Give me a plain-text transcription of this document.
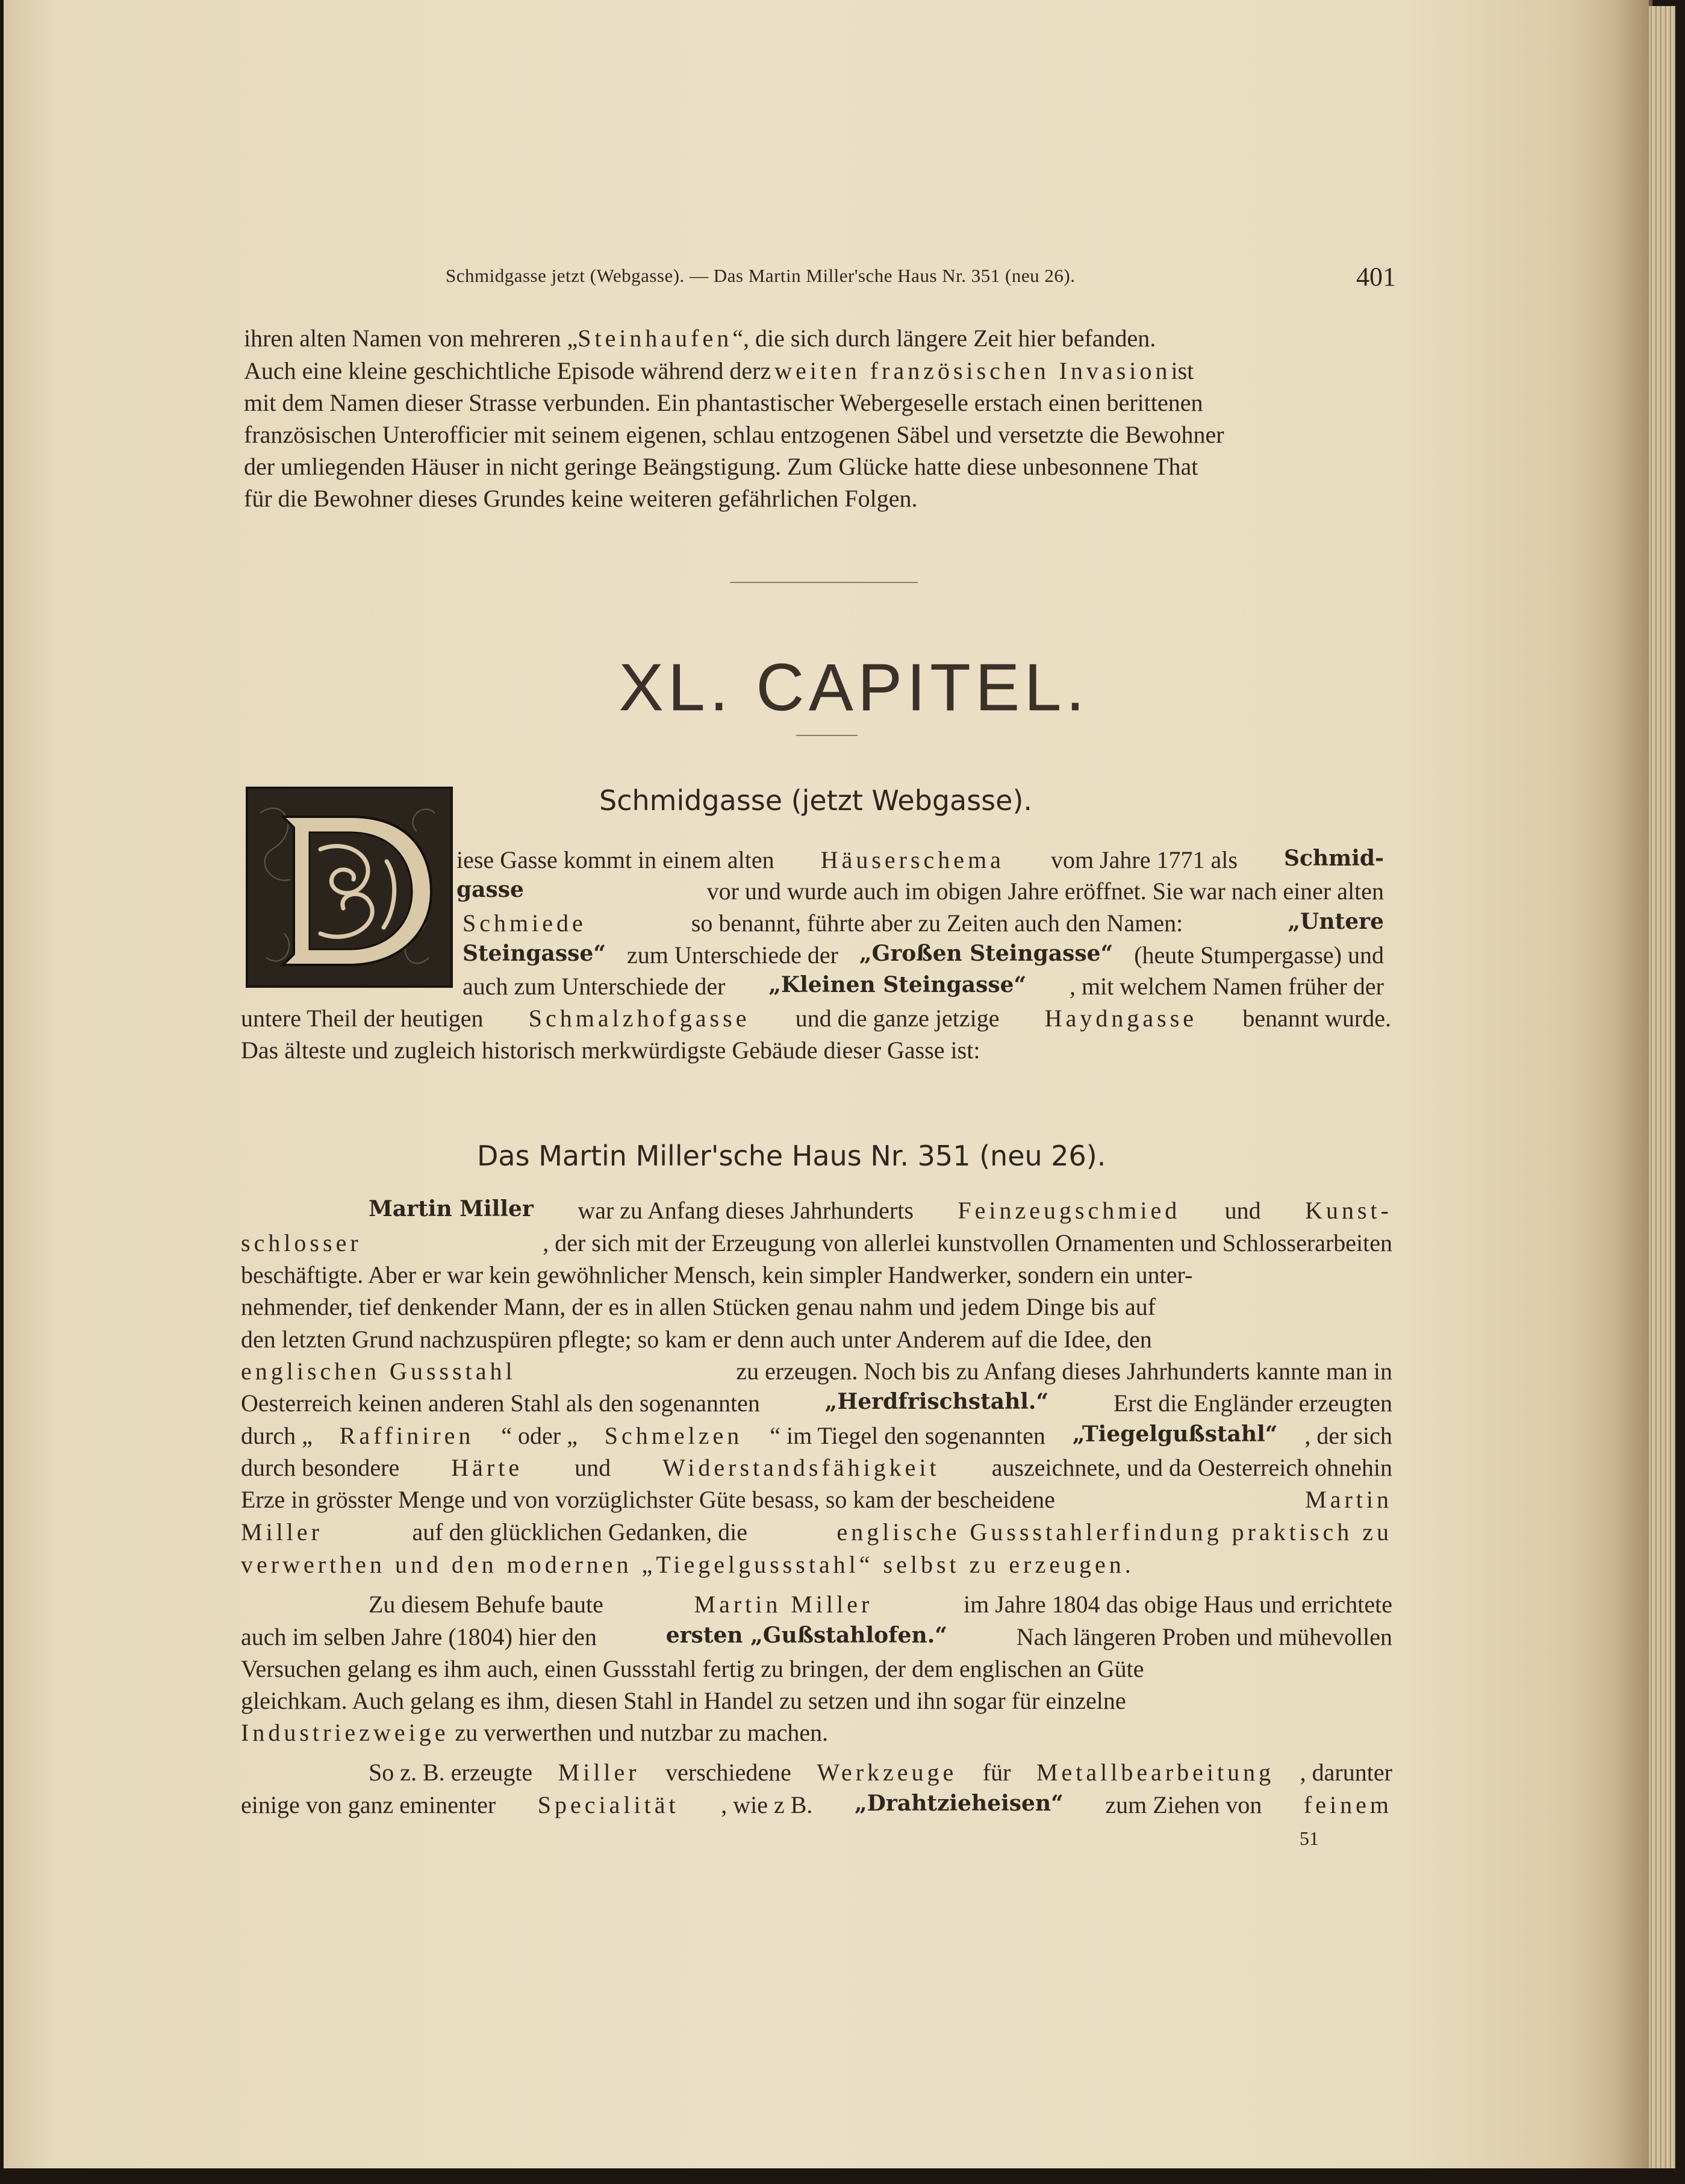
Schmidgasse jetzt (Webgasse). — Das Martin Miller'sche Haus Nr. 351 (neu 26).	401
ihren alten Namen von mehreren „Steinhaufen“, die sich durch längere Zeit hier befanden.
Auch eine kleine geschichtliche Episode während derzweiten französischen Invasionist
mit dem Namen dieser Strasse verbunden. Ein phantastischer Webergeselle erstach einen berittenen
französischen Unterofficier mit seinem eigenen, schlau entzogenen Säbel und versetzte die Bewohner
der umliegenden Häuser in nicht geringe Beängstigung. Zum Glücke hatte diese unbesonnene That
für die Bewohner dieses Grundes keine weiteren gefährlichen Folgen.
XL. CAPITEL.
Schmidgasse (jetzt Webgasse).
D
iese Gasse kommt in einem alten Häuserschema vom Jahre 1771 als Schmid-
gasse	vor und wurde auch im obigen Jahre eröffnet. Sie war nach einer alten
Schmiede	so benannt, führte aber zu Zeiten auch den Namen:	„Untere
Steingasse“ zum Unterschiede der „Großen Steingasse“ (heute Stumpergasse) und
auch zum Unterschiede der „Kleinen Steingasse“ , mit welchem Namen früher der
untere Theil der heutigen Schmalzhofgasse und die ganze jetzige Haydngasse benannt wurde.
Das älteste und zugleich historisch merkwürdigste Gebäude dieser Gasse ist:
Das Martin Miller'sche Haus Nr. 351 (neu 26).
Martin Miller war zu Anfang dieses Jahrhunderts Feinzeugschmied und Kunst-
schlosser	, der sich mit der Erzeugung von allerlei kunstvollen Ornamenten und Schlosserarbeiten
beschäftigte. Aber er war kein gewöhnlicher Mensch, kein simpler Handwerker, sondern ein unter-
nehmender, tief denkender Mann, der es in allen Stücken genau nahm und jedem Dinge bis auf
den letzten Grund nachzuspüren pflegte; so kam er denn auch unter Anderem auf die Idee, den
englischen Gussstahl	zu erzeugen. Noch bis zu Anfang dieses Jahrhunderts kannte man in
Oesterreich keinen anderen Stahl als den sogenannten	„Herdfrischstahl.“	Erst die Engländer erzeugten
durch „ Raffiniren “ oder „ Schmelzen “ im Tiegel den sogenannten „Tiegelgußstahl“ , der sich
durch besondere Härte und Widerstandsfähigkeit auszeichnete, und da Oesterreich ohnehin
Erze in grösster Menge und von vorzüglichster Güte besass, so kam der bescheidene	Martin
Miller	auf den glücklichen Gedanken, die	englische Gussstahlerfindung praktisch zu
verwerthen und den modernen „Tiegelgussstahl“ selbst zu erzeugen.
Zu diesem Behufe baute	Martin Miller	im Jahre 1804 das obige Haus und errichtete
auch im selben Jahre (1804) hier den	ersten „Gußstahlofen.“	Nach längeren Proben und mühevollen
Versuchen gelang es ihm auch, einen Gussstahl fertig zu bringen, der dem englischen an Güte
gleichkam. Auch gelang es ihm, diesen Stahl in Handel zu setzen und ihn sogar für einzelne
Industriezweige zu verwerthen und nutzbar zu machen.
So z. B. erzeugte Miller verschiedene Werkzeuge für Metallbearbeitung , darunter
einige von ganz eminenter Specialität , wie z B. „Drahtzieheisen“ zum Ziehen von feinem
51
